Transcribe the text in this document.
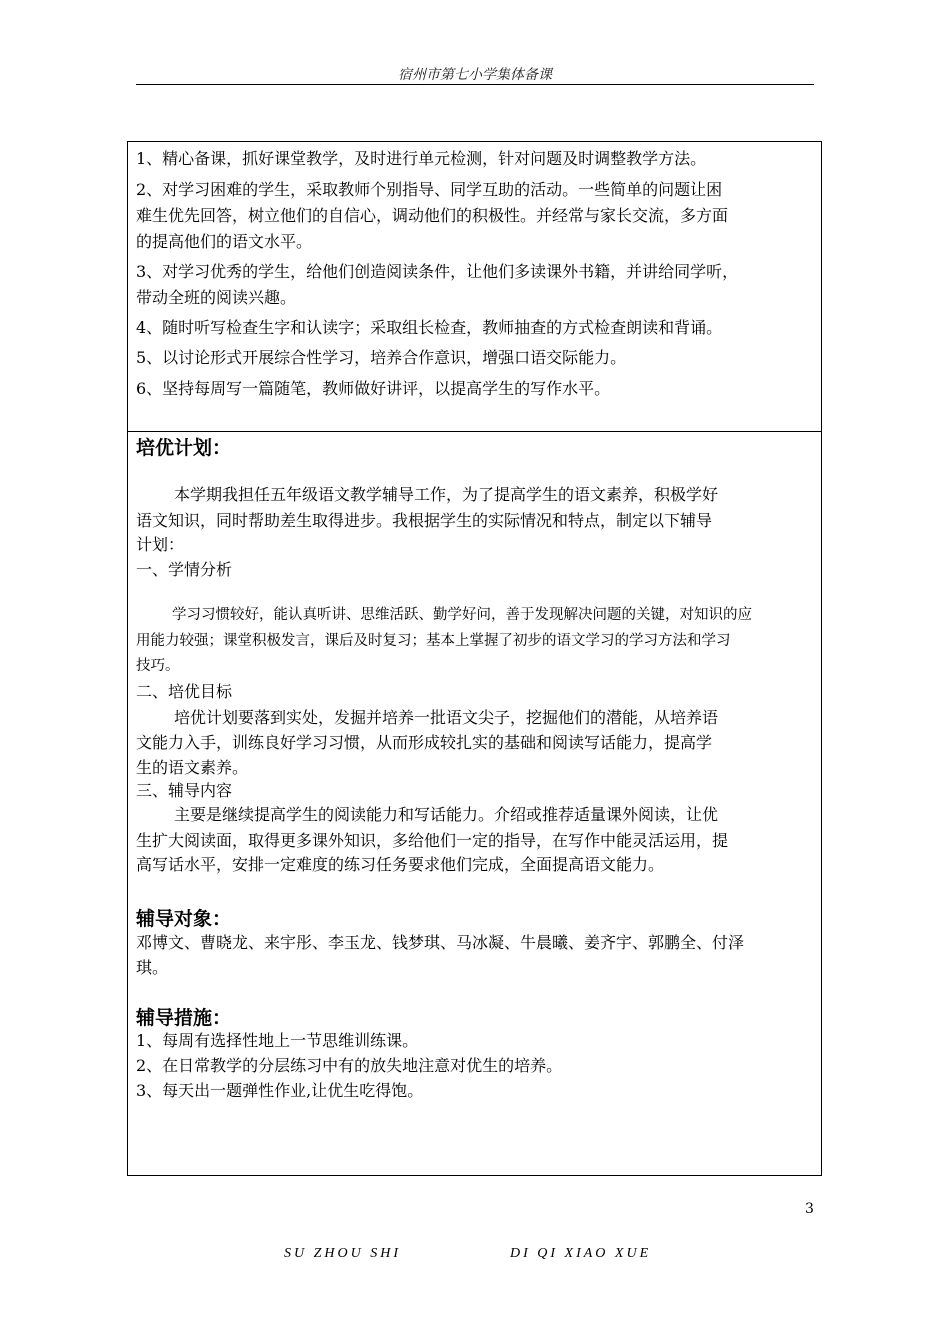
宿州市第七小学集体备课
1、精心备课，抓好课堂教学，及时进行单元检测，针对问题及时调整教学方法。
2、对学习困难的学生，采取教师个别指导、同学互助的活动。一些简单的问题让困
难生优先回答，树立他们的自信心，调动他们的积极性。并经常与家长交流，多方面
的提高他们的语文水平。
3、对学习优秀的学生，给他们创造阅读条件，让他们多读课外书籍，并讲给同学听，
带动全班的阅读兴趣。
4、随时听写检查生字和认读字；采取组长检查，教师抽查的方式检查朗读和背诵。
5、以讨论形式开展综合性学习，培养合作意识，增强口语交际能力。
6、坚持每周写一篇随笔，教师做好讲评，以提高学生的写作水平。
培优计划：
本学期我担任五年级语文教学辅导工作，为了提高学生的语文素养，积极学好
语文知识，同时帮助差生取得进步。我根据学生的实际情况和特点，制定以下辅导
计划：
一、学情分析
学习习惯较好，能认真听讲、思维活跃、勤学好问，善于发现解决问题的关键，对知识的应
用能力较强；课堂积极发言，课后及时复习；基本上掌握了初步的语文学习的学习方法和学习
技巧。
二、培优目标
培优计划要落到实处，发掘并培养一批语文尖子，挖掘他们的潜能，从培养语
文能力入手，训练良好学习习惯，从而形成较扎实的基础和阅读写话能力，提高学
生的语文素养。
三、辅导内容
主要是继续提高学生的阅读能力和写话能力。介绍或推荐适量课外阅读，让优
生扩大阅读面，取得更多课外知识，多给他们一定的指导，在写作中能灵活运用，提
高写话水平，安排一定难度的练习任务要求他们完成，全面提高语文能力。
辅导对象：
邓博文、曹晓龙、来宇彤、李玉龙、钱梦琪、马冰凝、牛晨曦、姜齐宇、郭鹏全、付泽
琪。
辅导措施：
1、每周有选择性地上一节思维训练课。
2、在日常教学的分层练习中有的放失地注意对优生的培养。
3、每天出一题弹性作业,让优生吃得饱。
3
SU ZHOU SHI	DI QI XIAO XUE
